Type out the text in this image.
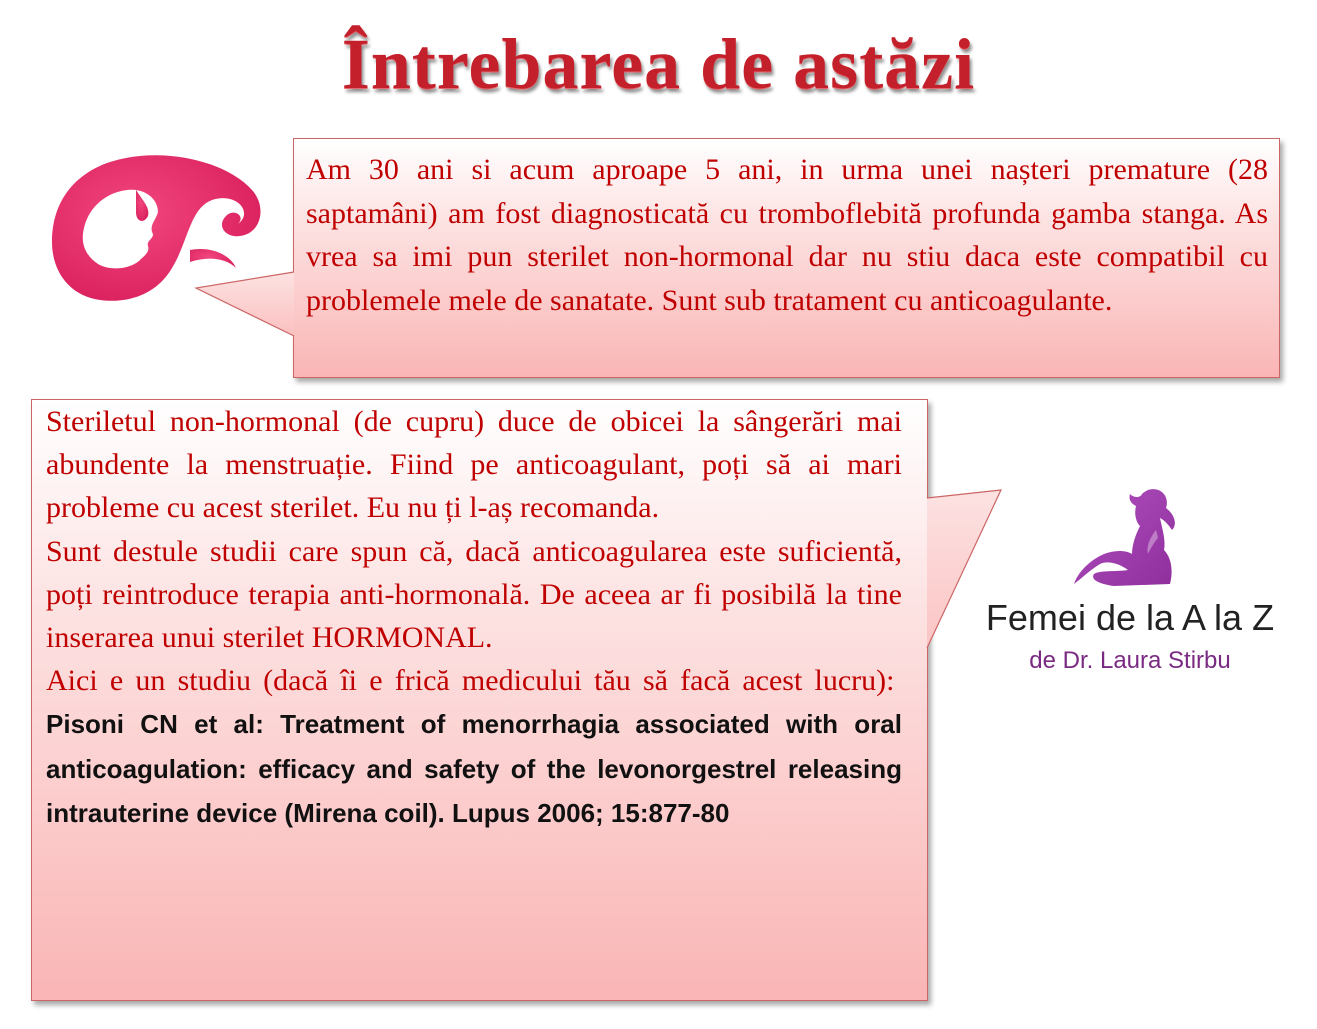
Întrebarea de astăzi
Am 30 ani si acum aproape 5 ani, in urma unei nașteri premature (28 saptamâni) am fost diagnosticată cu tromboflebită profunda gamba stanga. As vrea sa imi pun sterilet non-hormonal dar nu stiu daca este compatibil cu problemele mele de sanatate. Sunt sub tratament cu anticoagulante.

Steriletul non-hormonal (de cupru) duce de obicei la sângerări mai abundente la menstruație. Fiind pe anticoagulant, poți să ai mari probleme cu acest sterilet. Eu nu ți l-aș recomanda.

Sunt destule studii care spun că, dacă anticoagularea este suficientă, poți reintroduce terapia anti-hormonală. De aceea ar fi posibilă la tine inserarea unui sterilet HORMONAL.

Aici e un studiu (dacă îi e frică medicului tău să facă acest lucru):  Pisoni CN et al: Treatment of menorrhagia associated with oral anticoagulation: efficacy and safety of the levonorgestrel releasing intrauterine device (Mirena coil). Lupus 2006; 15:877-80

Femei de la A la Z
de Dr. Laura Stirbu
